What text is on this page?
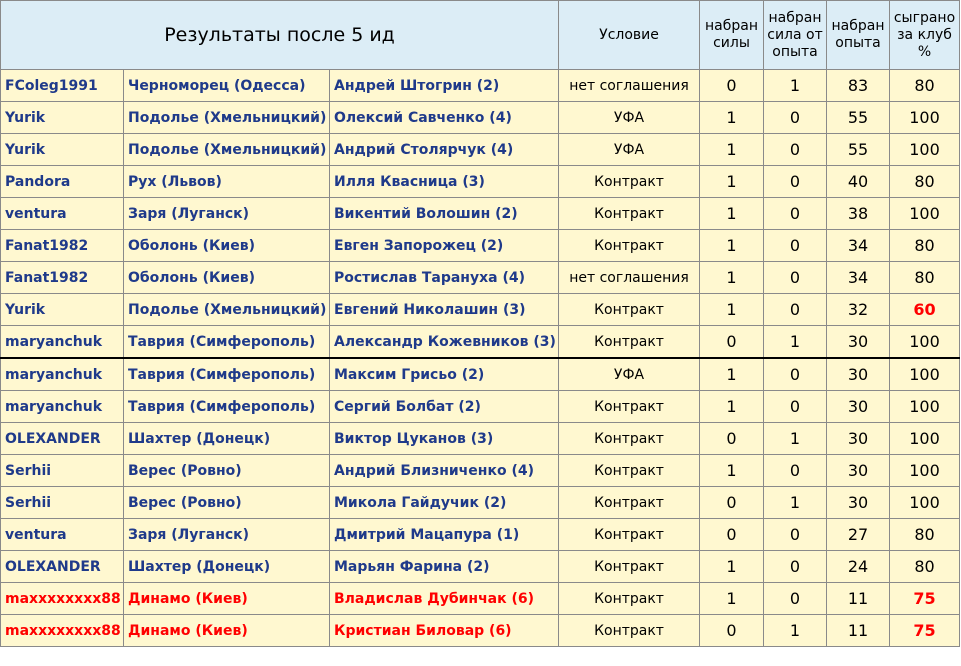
Результаты после 5 ид			Условие	набран силы	набран сила от опыта	набран опыта	сыграно за клуб %
FColeg1991	Черноморец (Одесса)	Андрей Штогрин (2)	нет соглашения	0	1	83	80
Yurik	Подолье (Хмельницкий)	Олексий Савченко (4)	УФА	1	0	55	100
Yurik	Подолье (Хмельницкий)	Андрий Столярчук (4)	УФА	1	0	55	100
Pandora	Рух (Львов)	Илля Квасница (3)	Контракт	1	0	40	80
ventura	Заря (Луганск)	Викентий Волошин (2)	Контракт	1	0	38	100
Fanat1982	Оболонь (Киев)	Евген Запорожец (2)	Контракт	1	0	34	80
Fanat1982	Оболонь (Киев)	Ростислав Тарануха (4)	нет соглашения	1	0	34	80
Yurik	Подолье (Хмельницкий)	Евгений Николашин (3)	Контракт	1	0	32	60
maryanchuk	Таврия (Симферополь)	Александр Кожевников (3)	Контракт	0	1	30	100
maryanchuk	Таврия (Симферополь)	Максим Грисьо (2)	УФА	1	0	30	100
maryanchuk	Таврия (Симферополь)	Сергий Болбат (2)	Контракт	1	0	30	100
OLEXANDER	Шахтер (Донецк)	Виктор Цуканов (3)	Контракт	0	1	30	100
Serhii	Верес (Ровно)	Андрий Близниченко (4)	Контракт	1	0	30	100
Serhii	Верес (Ровно)	Микола Гайдучик (2)	Контракт	0	1	30	100
ventura	Заря (Луганск)	Дмитрий Мацапура (1)	Контракт	0	0	27	80
OLEXANDER	Шахтер (Донецк)	Марьян Фарина (2)	Контракт	1	0	24	80
maxxxxxxxx88	Динамо (Киев)	Владислав Дубинчак (6)	Контракт	1	0	11	75
maxxxxxxxx88	Динамо (Киев)	Кристиан Биловар (6)	Контракт	0	1	11	75
